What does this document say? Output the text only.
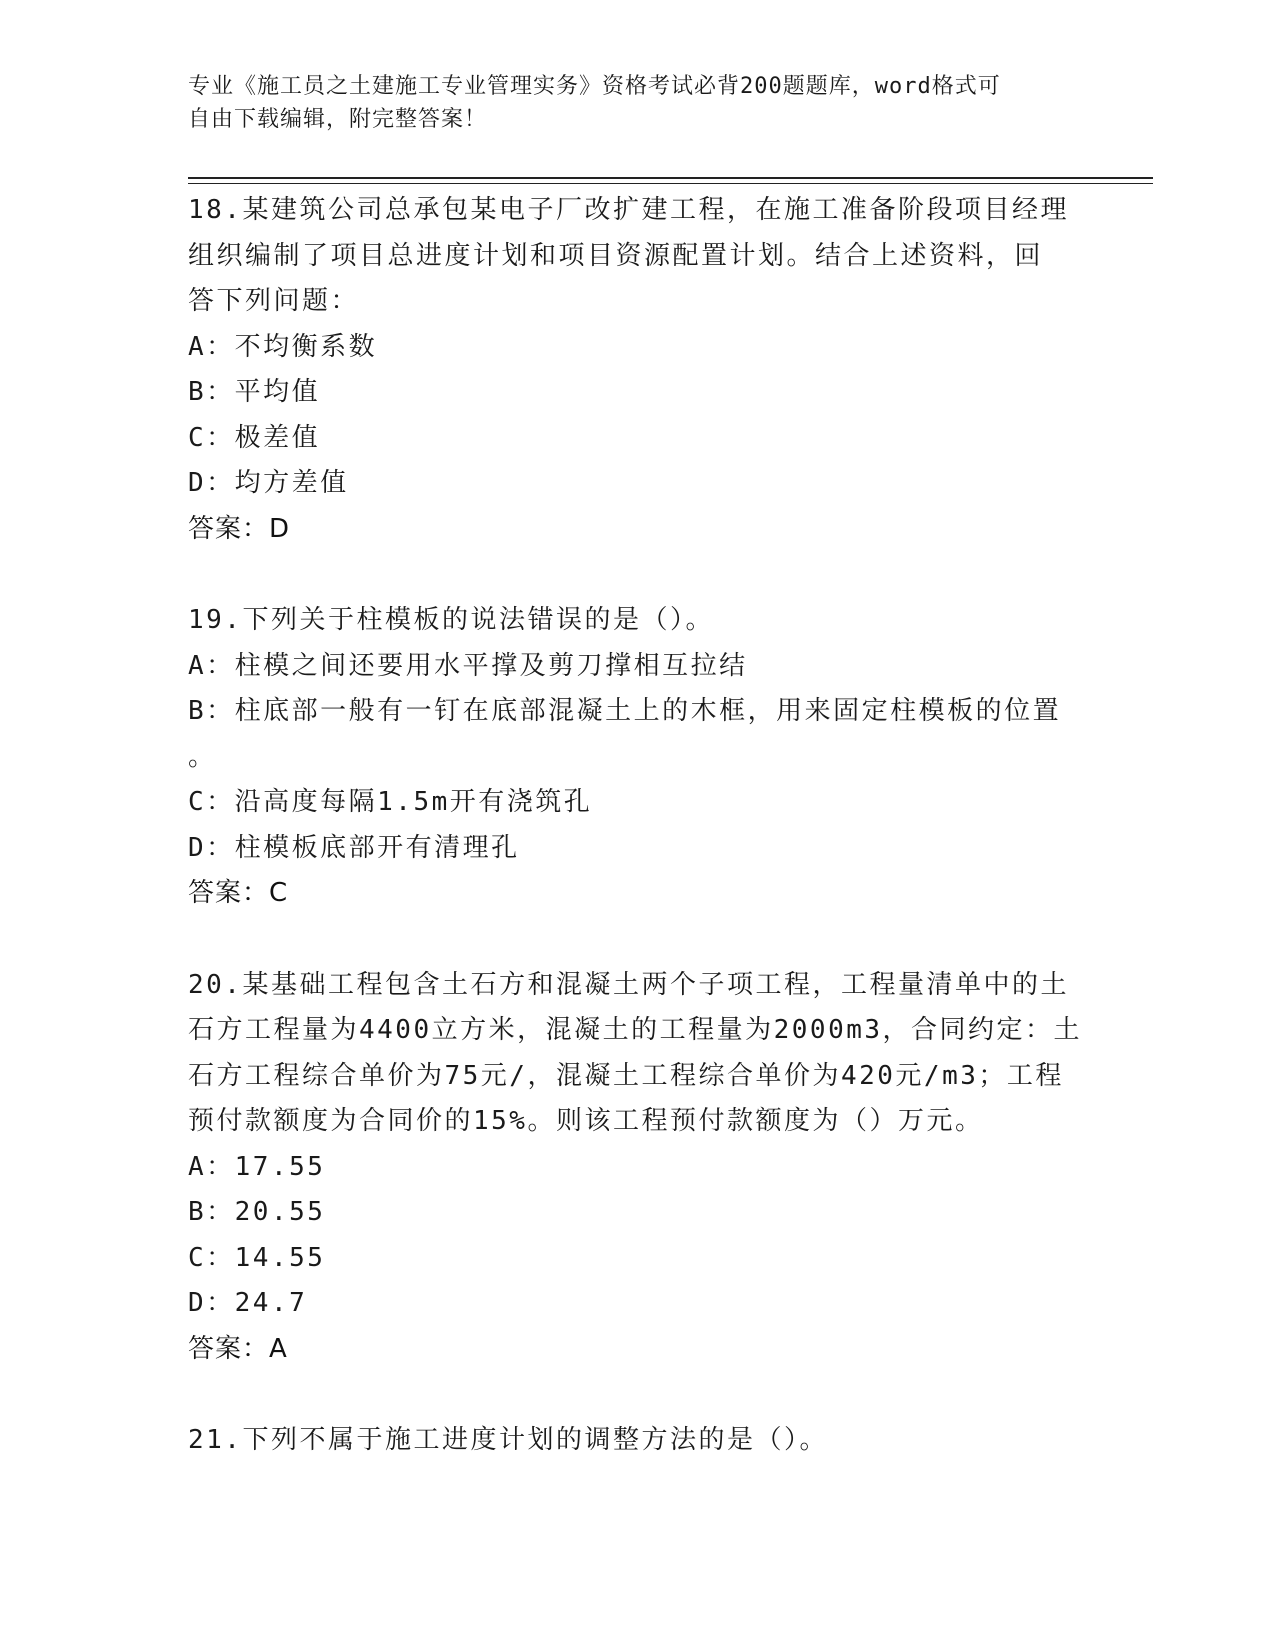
专业《施工员之土建施工专业管理实务》资格考试必背200题题库，word格式可
自由下载编辑，附完整答案！

18.某建筑公司总承包某电子厂改扩建工程，在施工准备阶段项目经理

组织编制了项目总进度计划和项目资源配置计划。结合上述资料，回

答下列问题：

A：不均衡系数

B：平均值

C：极差值

D：均方差值

答案：D

19.下列关于柱模板的说法错误的是（）。

A：柱模之间还要用水平撑及剪刀撑相互拉结

B：柱底部一般有一钉在底部混凝土上的木框，用来固定柱模板的位置

。

C：沿高度每隔1.5m开有浇筑孔

D：柱模板底部开有清理孔

答案：C

20.某基础工程包含土石方和混凝土两个子项工程，工程量清单中的土

石方工程量为4400立方米，混凝土的工程量为2000m3，合同约定：土

石方工程综合单价为75元/，混凝土工程综合单价为420元/m3；工程

预付款额度为合同价的15%。则该工程预付款额度为（）万元。

A：17.55

B：20.55

C：14.55

D：24.7

答案：A

21.下列不属于施工进度计划的调整方法的是（）。
